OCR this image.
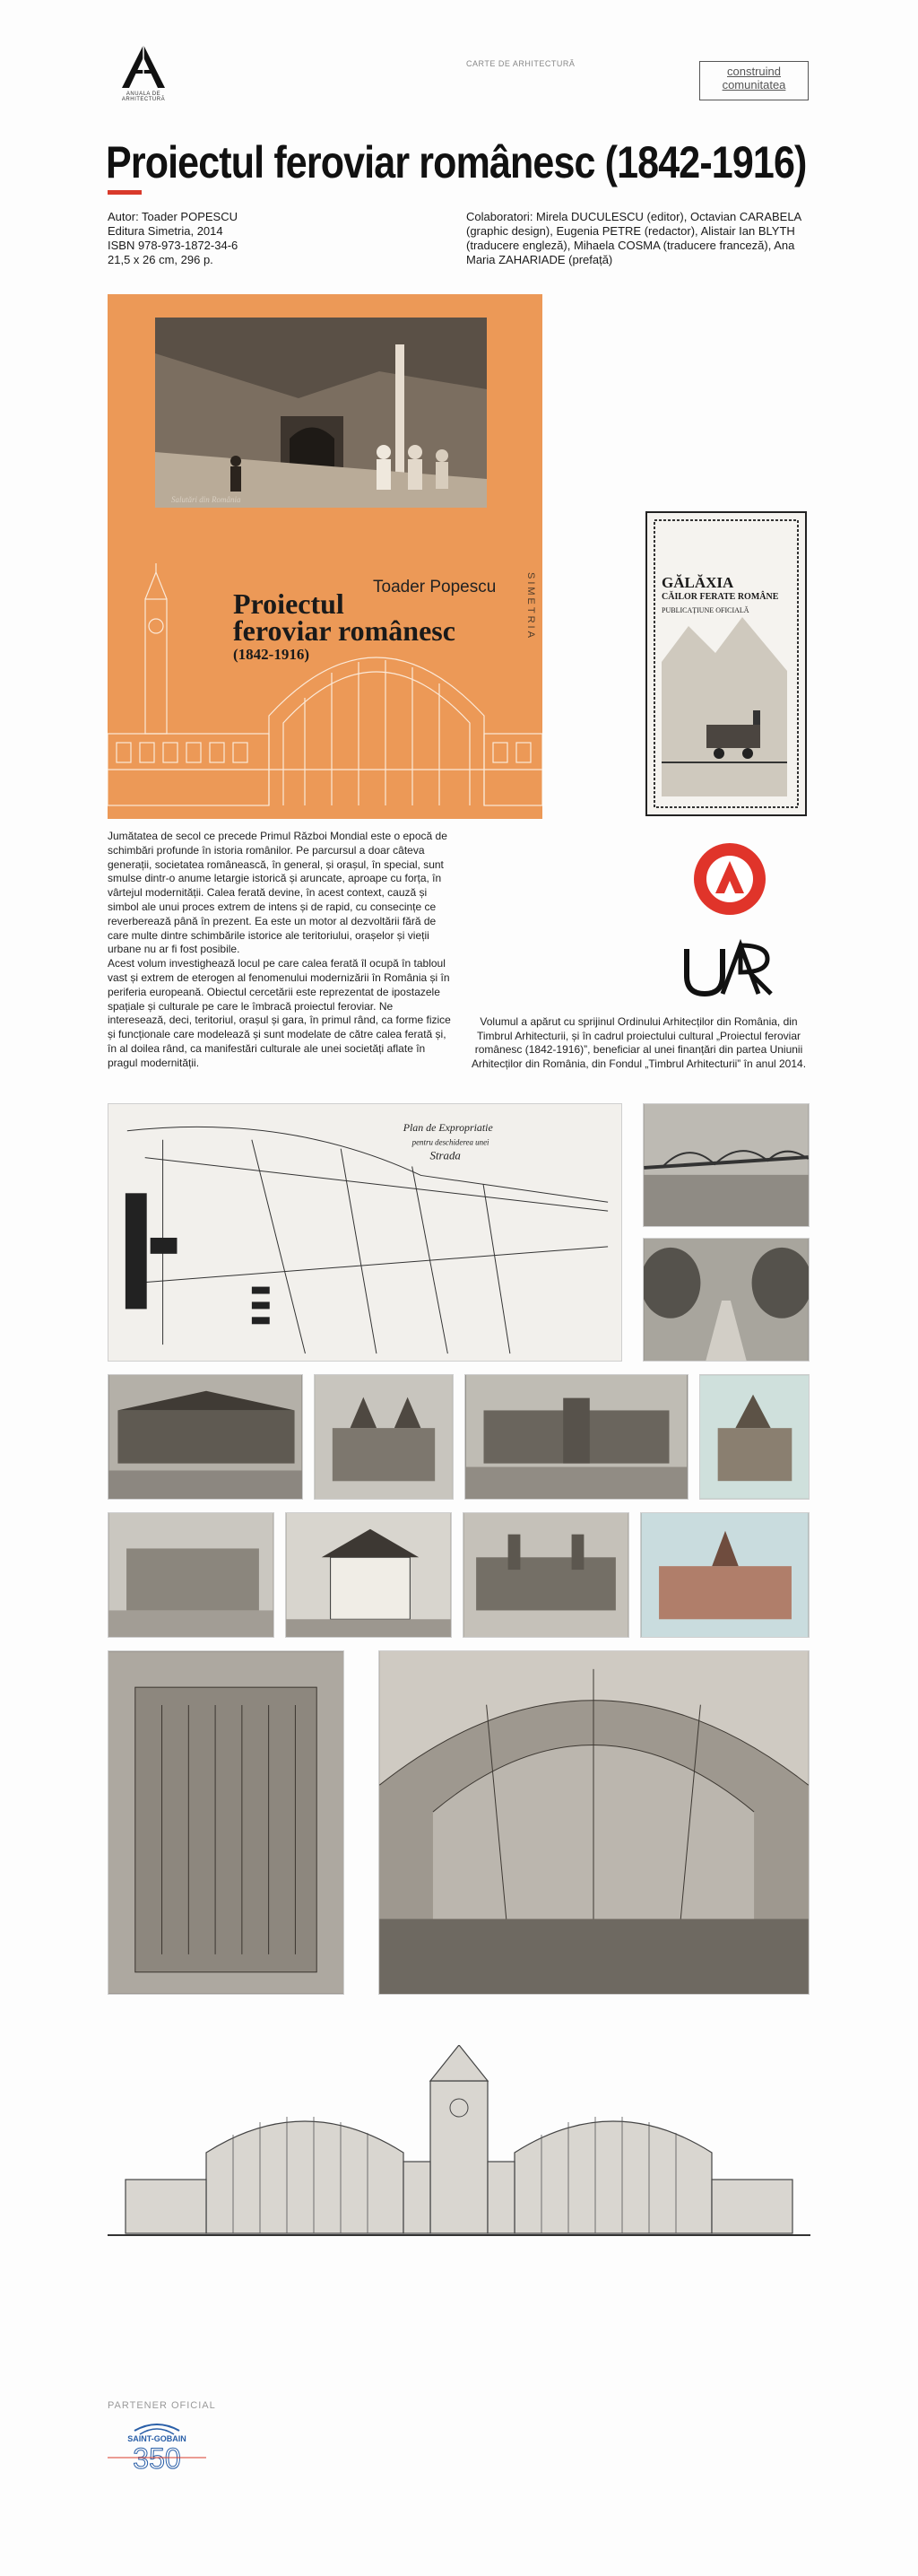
ANUALA DE ARHITECTURĂ
CARTE DE ARHITECTURĂ
construind
comunitatea
Proiectul feroviar românesc (1842-1916)
Autor: Toader POPESCU
Editura Simetria, 2014
ISBN 978-973-1872-34-6
21,5 x 26 cm, 296 p.
Colaboratori: Mirela DUCULESCU (editor), Octavian CARABELA (graphic design), Eugenia PETRE (redactor), Alistair Ian BLYTH (traducere engleză), Mihaela COSMA (traducere franceză), Ana Maria ZAHARIADE (prefață)
Salutări din România
Toader Popescu
Proiectul
feroviar românesc
(1842-1916)
SIMETRIA	GĂLĂXIA
CĂILOR FERATE ROMÂNE
PUBLICAȚIUNE OFICIALĂ

Jumătatea de secol ce precede Primul Război Mondial este o epocă de schimbări profunde în istoria românilor. Pe parcursul a doar câteva generații, societatea românească, în general, și orașul, în special, sunt smulse dintr-o anume letargie istorică și aruncate, aproape cu forța, în vârtejul modernității. Calea ferată devine, în acest context, cauză și simbol ale unui proces extrem de intens și de rapid, cu consecințe ce reverberează până în prezent. Ea este un motor al dezvoltării fără de care multe dintre schimbările istorice ale teritoriului, orașelor și vieții urbane nu ar fi fost posibile.

Acest volum investighează locul pe care calea ferată îl ocupă în tabloul vast și extrem de eterogen al fenomenului modernizării în România și în periferia europeană. Obiectul cercetării este reprezentat de ipostazele spațiale și culturale pe care le îmbracă proiectul feroviar. Ne interesează, deci, teritoriul, orașul și gara, în primul rând, ca forme fizice și funcționale care modelează și sunt modelate de către calea ferată și, în al doilea rând, ca manifestări culturale ale unei societăți aflate în pragul modernității.

Volumul a apărut cu sprijinul Ordinului Arhitecților din România, din Timbrul Arhitecturii, și în cadrul proiectului cultural „Proiectul feroviar românesc (1842-1916)”, beneficiar al unei finanțări din partea Uniunii Arhitecților din România, din Fondul „Timbrul Arhitecturii” în anul 2014.
Plan de Expropriatie
pentru deschiderea unei
Strada
PARTENER OFICIAL
SAINT-GOBAIN
350
